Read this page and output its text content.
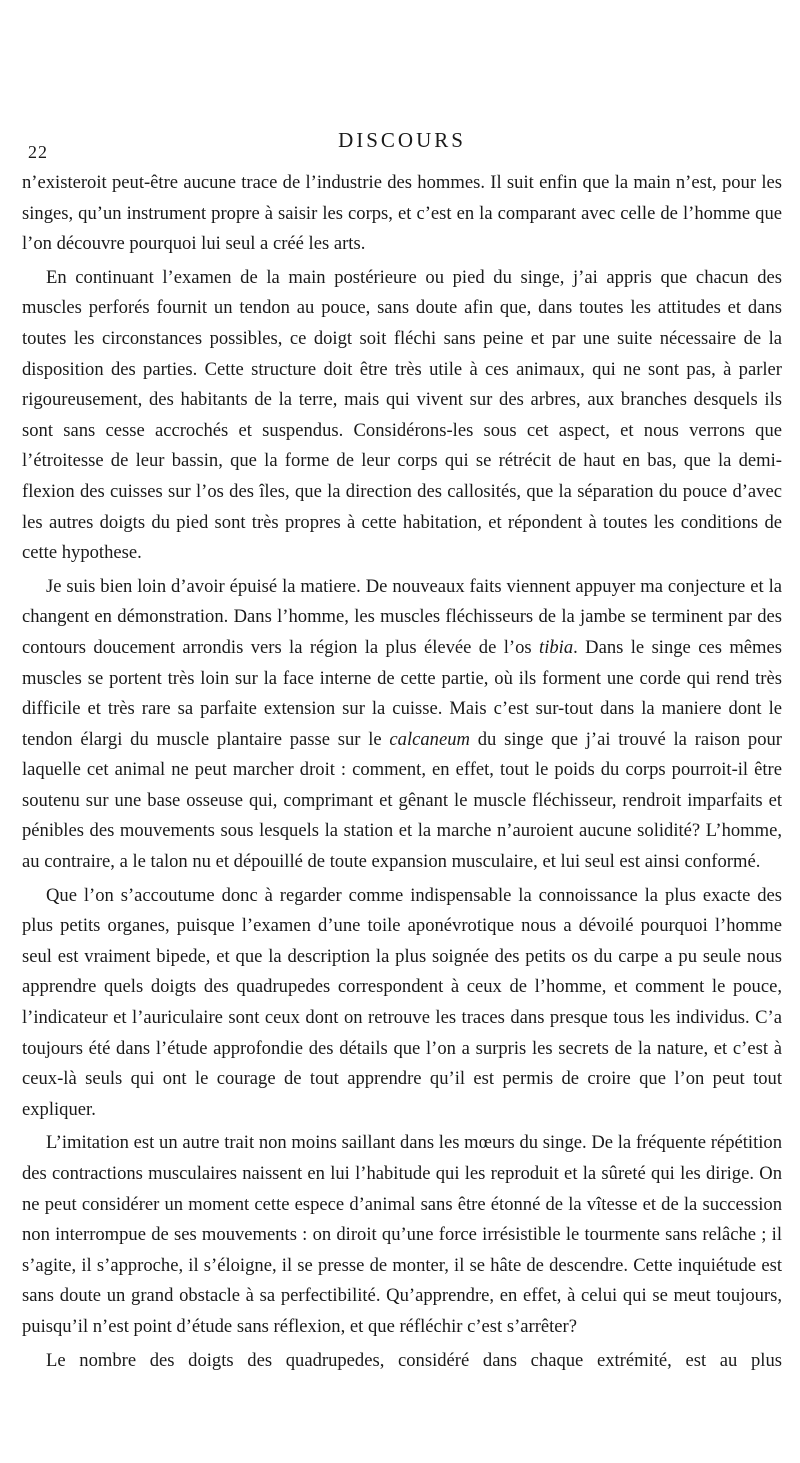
22	DISCOURS

n’existeroit peut-être aucune trace de l’industrie des hommes. Il suit enfin que la main n’est, pour les singes, qu’un instrument propre à saisir les corps, et c’est en la comparant avec celle de l’homme que l’on découvre pourquoi lui seul a créé les arts.

En continuant l’examen de la main postérieure ou pied du singe, j’ai appris que chacun des muscles perforés fournit un tendon au pouce, sans doute afin que, dans toutes les attitudes et dans toutes les circonstances possibles, ce doigt soit fléchi sans peine et par une suite nécessaire de la disposition des parties. Cette structure doit être très utile à ces animaux, qui ne sont pas, à parler rigoureusement, des habitants de la terre, mais qui vivent sur des arbres, aux branches desquels ils sont sans cesse accrochés et suspendus. Considérons-les sous cet aspect, et nous verrons que l’étroitesse de leur bassin, que la forme de leur corps qui se rétrécit de haut en bas, que la demi-flexion des cuisses sur l’os des îles, que la direction des callosités, que la séparation du pouce d’avec les autres doigts du pied sont très propres à cette habitation, et répondent à toutes les conditions de cette hypothese.

Je suis bien loin d’avoir épuisé la matiere. De nouveaux faits viennent appuyer ma conjecture et la changent en démonstration. Dans l’homme, les muscles fléchisseurs de la jambe se terminent par des contours doucement arrondis vers la région la plus élevée de l’os tibia. Dans le singe ces mêmes muscles se portent très loin sur la face interne de cette partie, où ils forment une corde qui rend très difficile et très rare sa parfaite extension sur la cuisse. Mais c’est sur-tout dans la maniere dont le tendon élargi du muscle plantaire passe sur le calcaneum du singe que j’ai trouvé la raison pour laquelle cet animal ne peut marcher droit : comment, en effet, tout le poids du corps pourroit-il être soutenu sur une base osseuse qui, comprimant et gênant le muscle fléchisseur, rendroit imparfaits et pénibles des mouvements sous lesquels la station et la marche n’auroient aucune solidité? L’homme, au contraire, a le talon nu et dépouillé de toute expansion musculaire, et lui seul est ainsi conformé.

Que l’on s’accoutume donc à regarder comme indispensable la connoissance la plus exacte des plus petits organes, puisque l’examen d’une toile aponévrotique nous a dévoilé pourquoi l’homme seul est vraiment bipede, et que la description la plus soignée des petits os du carpe a pu seule nous apprendre quels doigts des quadrupedes correspondent à ceux de l’homme, et comment le pouce, l’indicateur et l’auriculaire sont ceux dont on retrouve les traces dans presque tous les individus. C’a toujours été dans l’étude approfondie des détails que l’on a surpris les secrets de la nature, et c’est à ceux-là seuls qui ont le courage de tout apprendre qu’il est permis de croire que l’on peut tout expliquer.

L’imitation est un autre trait non moins saillant dans les mœurs du singe. De la fréquente répétition des contractions musculaires naissent en lui l’habitude qui les reproduit et la sûreté qui les dirige. On ne peut considérer un moment cette espece d’animal sans être étonné de la vîtesse et de la succession non interrompue de ses mouvements : on diroit qu’une force irrésistible le tourmente sans relâche ; il s’agite, il s’approche, il s’éloigne, il se presse de monter, il se hâte de descendre. Cette inquiétude est sans doute un grand obstacle à sa perfectibilité. Qu’apprendre, en effet, à celui qui se meut toujours, puisqu’il n’est point d’étude sans réflexion, et que réfléchir c’est s’arrêter?

Le nombre des doigts des quadrupedes, considéré dans chaque extrémité, est au plus
